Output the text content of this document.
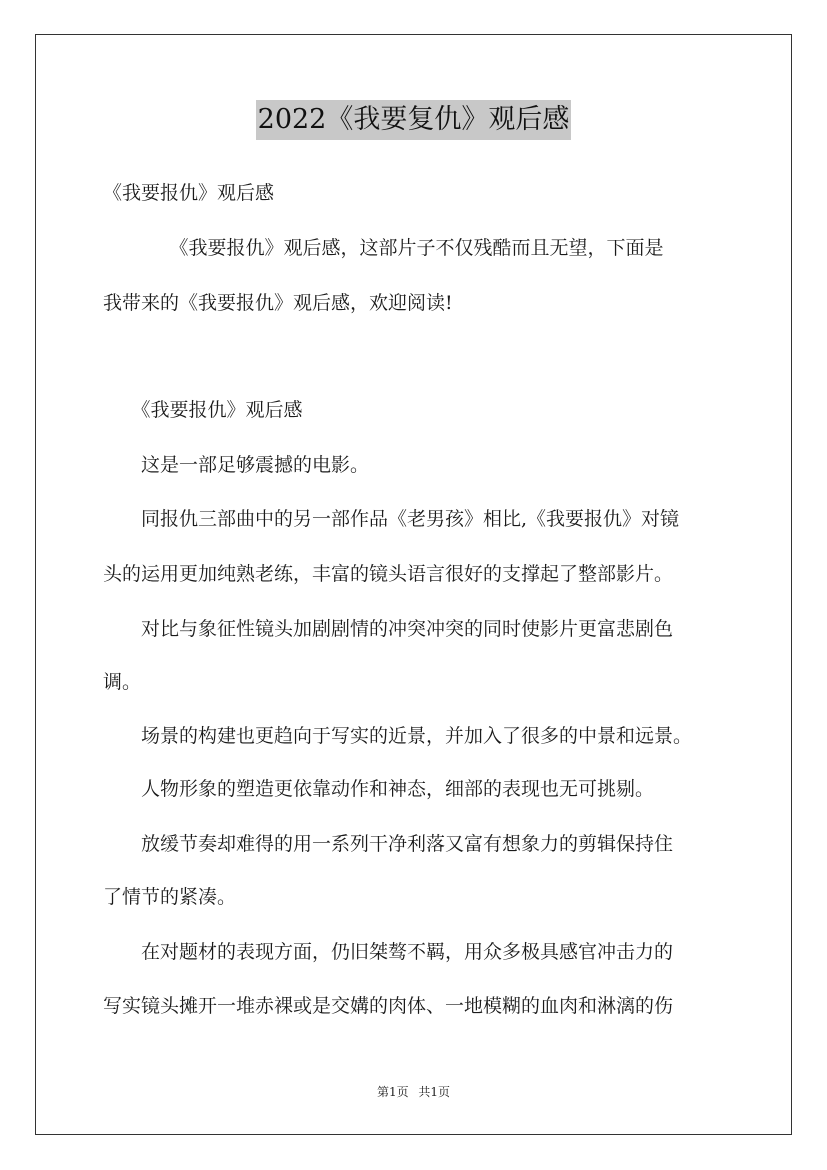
2022《我要复仇》观后感
《我要报仇》观后感
　　　　《我要报仇》观后感，这部片子不仅残酷而且无望，下面是
我带来的《我要报仇》观后感，欢迎阅读!
　　《我要报仇》观后感
　　这是一部足够震撼的电影。
　　同报仇三部曲中的另一部作品《老男孩》相比,《我要报仇》对镜
头的运用更加纯熟老练，丰富的镜头语言很好的支撑起了整部影片。
　　对比与象征性镜头加剧剧情的冲突冲突的同时使影片更富悲剧色
调。
　　场景的构建也更趋向于写实的近景，并加入了很多的中景和远景。
　　人物形象的塑造更依靠动作和神态，细部的表现也无可挑剔。
　　放缓节奏却难得的用一系列干净利落又富有想象力的剪辑保持住
了情节的紧凑。
　　在对题材的表现方面，仍旧桀骜不羁，用众多极具感官冲击力的
写实镜头摊开一堆赤裸或是交媾的肉体、一地模糊的血肉和淋漓的伤
第1页 共1页
